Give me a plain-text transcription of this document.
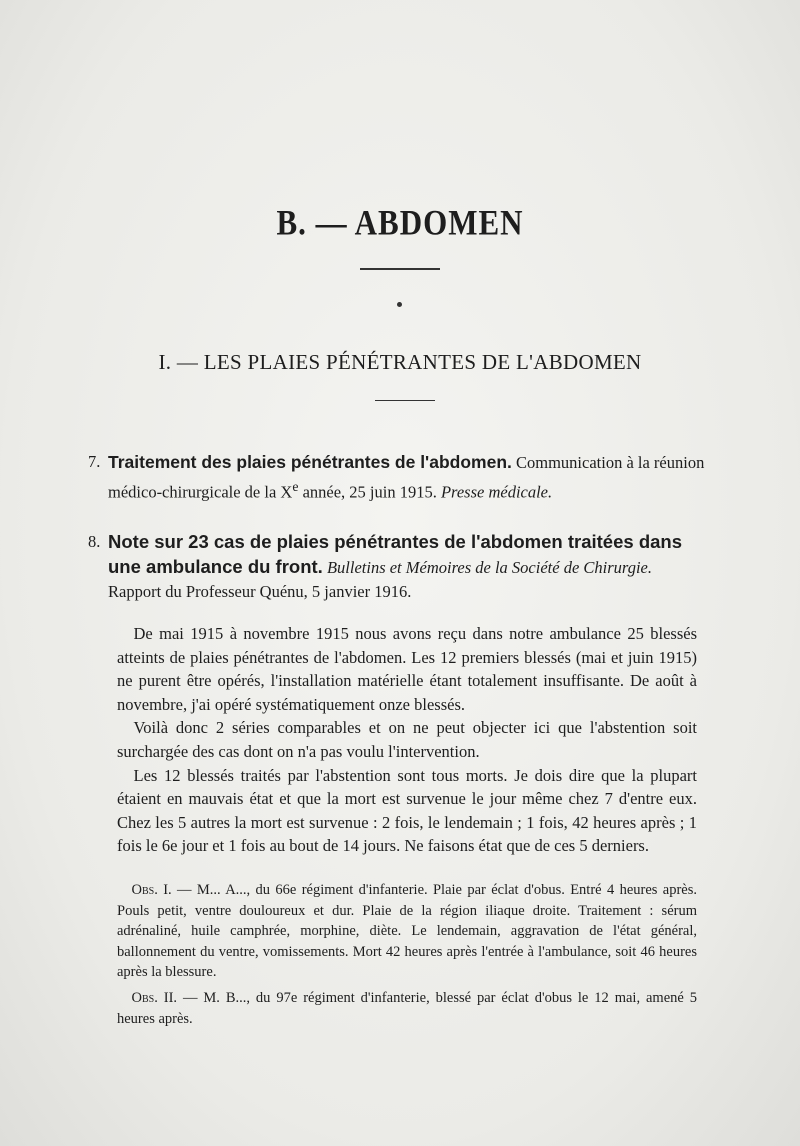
B. — ABDOMEN
I. — LES PLAIES PÉNÉTRANTES DE L'ABDOMEN
7. Traitement des plaies pénétrantes de l'abdomen. Communication à la réunion médico-chirurgicale de la Xe année, 25 juin 1915. Presse médicale.
8. Note sur 23 cas de plaies pénétrantes de l'abdomen traitées dans une ambulance du front. Bulletins et Mémoires de la Société de Chirurgie. Rapport du Professeur Quénu, 5 janvier 1916.

 De mai 1915 à novembre 1915 nous avons reçu dans notre ambulance 25 blessés atteints de plaies pénétrantes de l'abdomen. Les 12 premiers blessés (mai et juin 1915) ne purent être opérés, l'installation matérielle étant totalement insuffisante. De août à novembre, j'ai opéré systématiquement onze blessés.

 Voilà donc 2 séries comparables et on ne peut objecter ici que l'abstention soit surchargée des cas dont on n'a pas voulu l'intervention.

 Les 12 blessés traités par l'abstention sont tous morts. Je dois dire que la plupart étaient en mauvais état et que la mort est survenue le jour même chez 7 d'entre eux. Chez les 5 autres la mort est survenue : 2 fois, le lendemain ; 1 fois, 42 heures après ; 1 fois le 6e jour et 1 fois au bout de 14 jours. Ne faisons état que de ces 5 derniers.

 Obs. I. — M... A..., du 66e régiment d'infanterie. Plaie par éclat d'obus. Entré 4 heures après. Pouls petit, ventre douloureux et dur. Plaie de la région iliaque droite. Traitement : sérum adrénaliné, huile camphrée, morphine, diète. Le lendemain, aggravation de l'état général, ballonnement du ventre, vomissements. Mort 42 heures après l'entrée à l'ambulance, soit 46 heures après la blessure.

 Obs. II. — M. B..., du 97e régiment d'infanterie, blessé par éclat d'obus le 12 mai, amené 5 heures après.
